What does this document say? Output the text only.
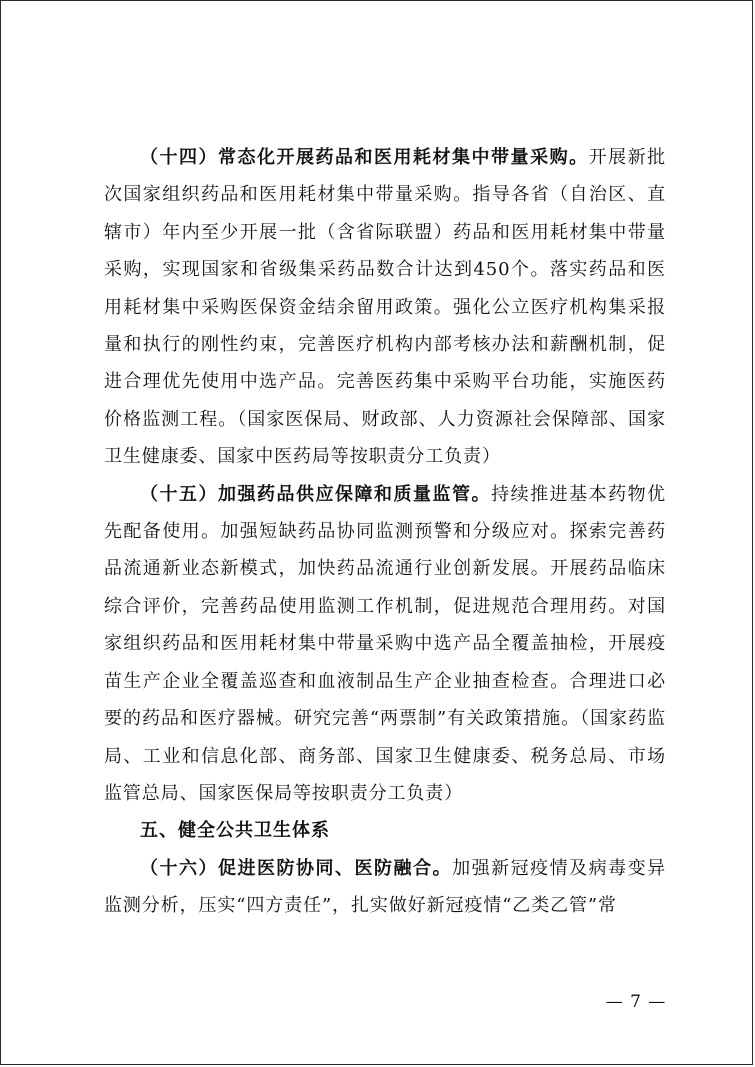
（十四）常态化开展药品和医用耗材集中带量采购。开展新批次国家组织药品和医用耗材集中带量采购。指导各省（自治区、直辖市）年内至少开展一批（含省际联盟）药品和医用耗材集中带量采购，实现国家和省级集采药品数合计达到450个。落实药品和医用耗材集中采购医保资金结余留用政策。强化公立医疗机构集采报量和执行的刚性约束，完善医疗机构内部考核办法和薪酬机制，促进合理优先使用中选产品。完善医药集中采购平台功能，实施医药价格监测工程。（国家医保局、财政部、人力资源社会保障部、国家卫生健康委、国家中医药局等按职责分工负责）

（十五）加强药品供应保障和质量监管。持续推进基本药物优先配备使用。加强短缺药品协同监测预警和分级应对。探索完善药品流通新业态新模式，加快药品流通行业创新发展。开展药品临床综合评价，完善药品使用监测工作机制，促进规范合理用药。对国家组织药品和医用耗材集中带量采购中选产品全覆盖抽检，开展疫苗生产企业全覆盖巡查和血液制品生产企业抽查检查。合理进口必要的药品和医疗器械。研究完善“两票制”有关政策措施。（国家药监局、工业和信息化部、商务部、国家卫生健康委、税务总局、市场监管总局、国家医保局等按职责分工负责）

五、健全公共卫生体系

（十六）促进医防协同、医防融合。加强新冠疫情及病毒变异监测分析，压实“四方责任”，扎实做好新冠疫情“乙类乙管”常

— 7 —
